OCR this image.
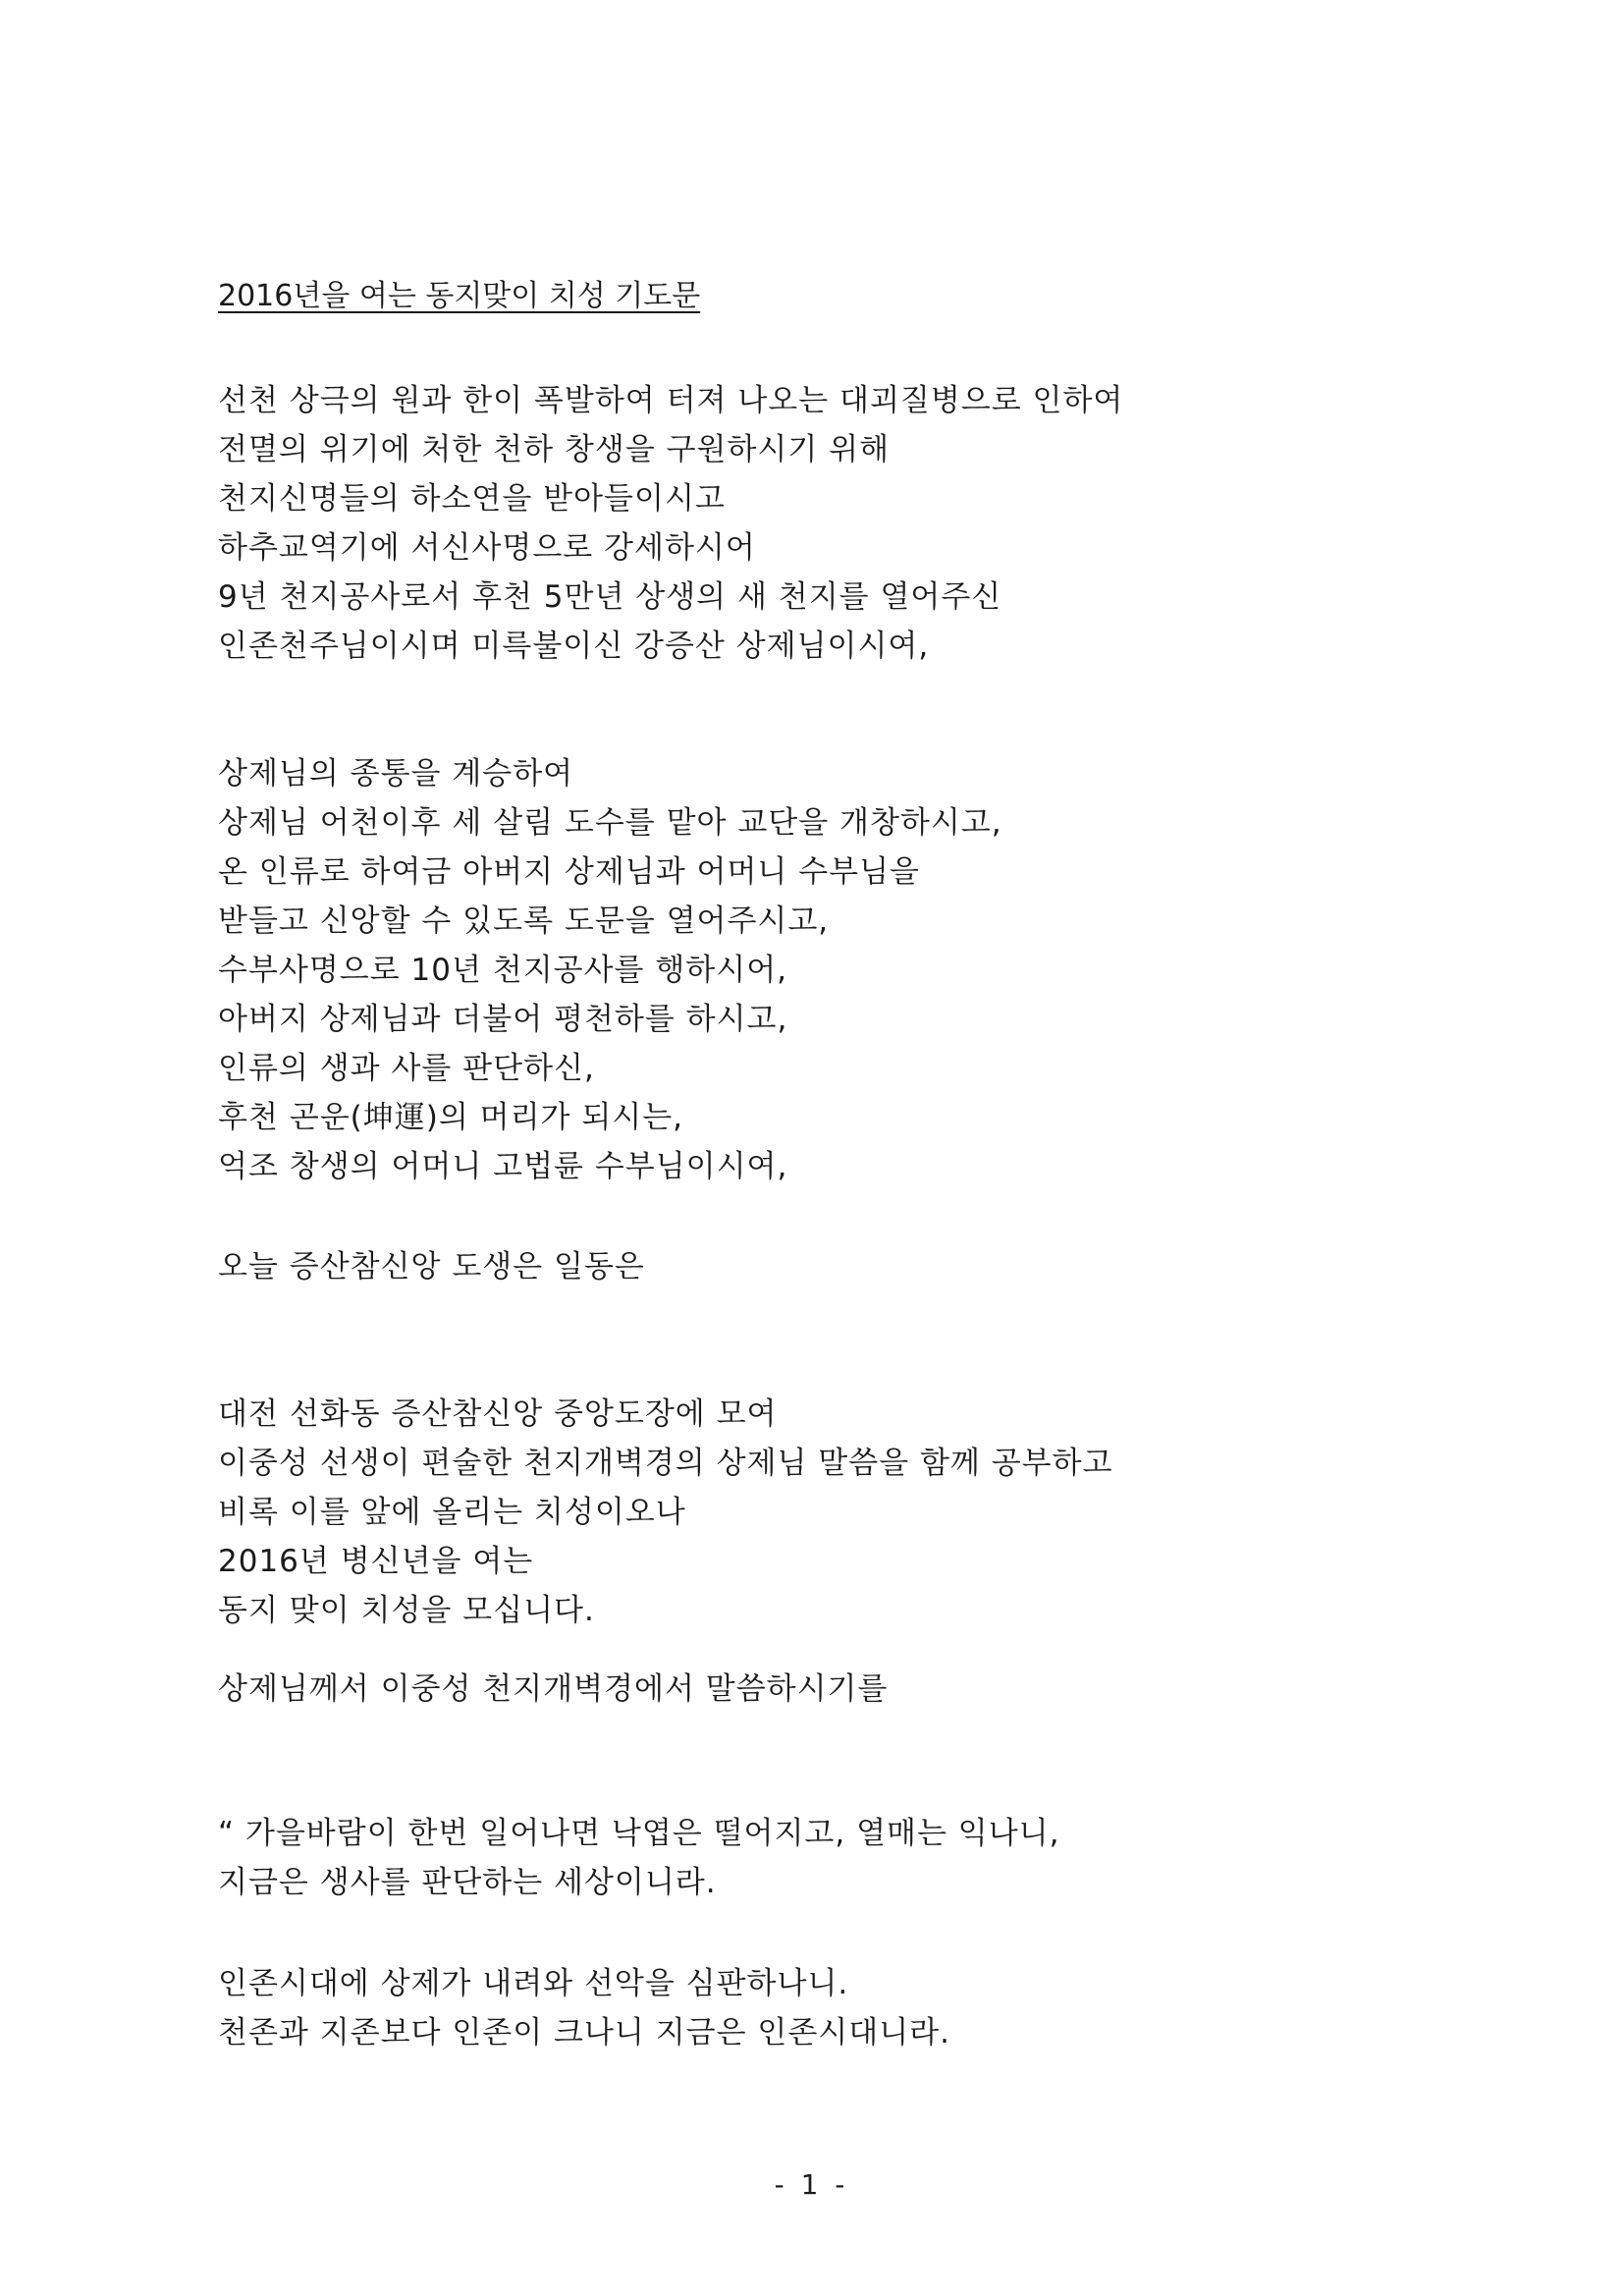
2016년을 여는 동지맞이 치성 기도문
선천 상극의 원과 한이 폭발하여 터져 나오는 대괴질병으로 인하여
전멸의 위기에 처한 천하 창생을 구원하시기 위해
천지신명들의 하소연을 받아들이시고
하추교역기에 서신사명으로 강세하시어
9년 천지공사로서 후천 5만년 상생의 새 천지를 열어주신
인존천주님이시며 미륵불이신 강증산 상제님이시여,
상제님의 종통을 계승하여
상제님 어천이후 세 살림 도수를 맡아 교단을 개창하시고,
온 인류로 하여금 아버지 상제님과 어머니 수부님을
받들고 신앙할 수 있도록 도문을 열어주시고,
수부사명으로 10년 천지공사를 행하시어,
아버지 상제님과 더불어 평천하를 하시고,
인류의 생과 사를 판단하신,
후천 곤운(坤運)의 머리가 되시는,
억조 창생의 어머니 고법륜 수부님이시여,
오늘 증산참신앙 도생은 일동은
대전 선화동 증산참신앙 중앙도장에 모여
이중성 선생이 편술한 천지개벽경의 상제님 말씀을 함께 공부하고
비록 이를 앞에 올리는 치성이오나
2016년 병신년을 여는
동지 맞이 치성을 모십니다.
상제님께서 이중성 천지개벽경에서 말씀하시기를
“ 가을바람이 한번 일어나면 낙엽은 떨어지고, 열매는 익나니,
지금은 생사를 판단하는 세상이니라.
인존시대에 상제가 내려와 선악을 심판하나니.
천존과 지존보다 인존이 크나니 지금은 인존시대니라.
- 1 -
